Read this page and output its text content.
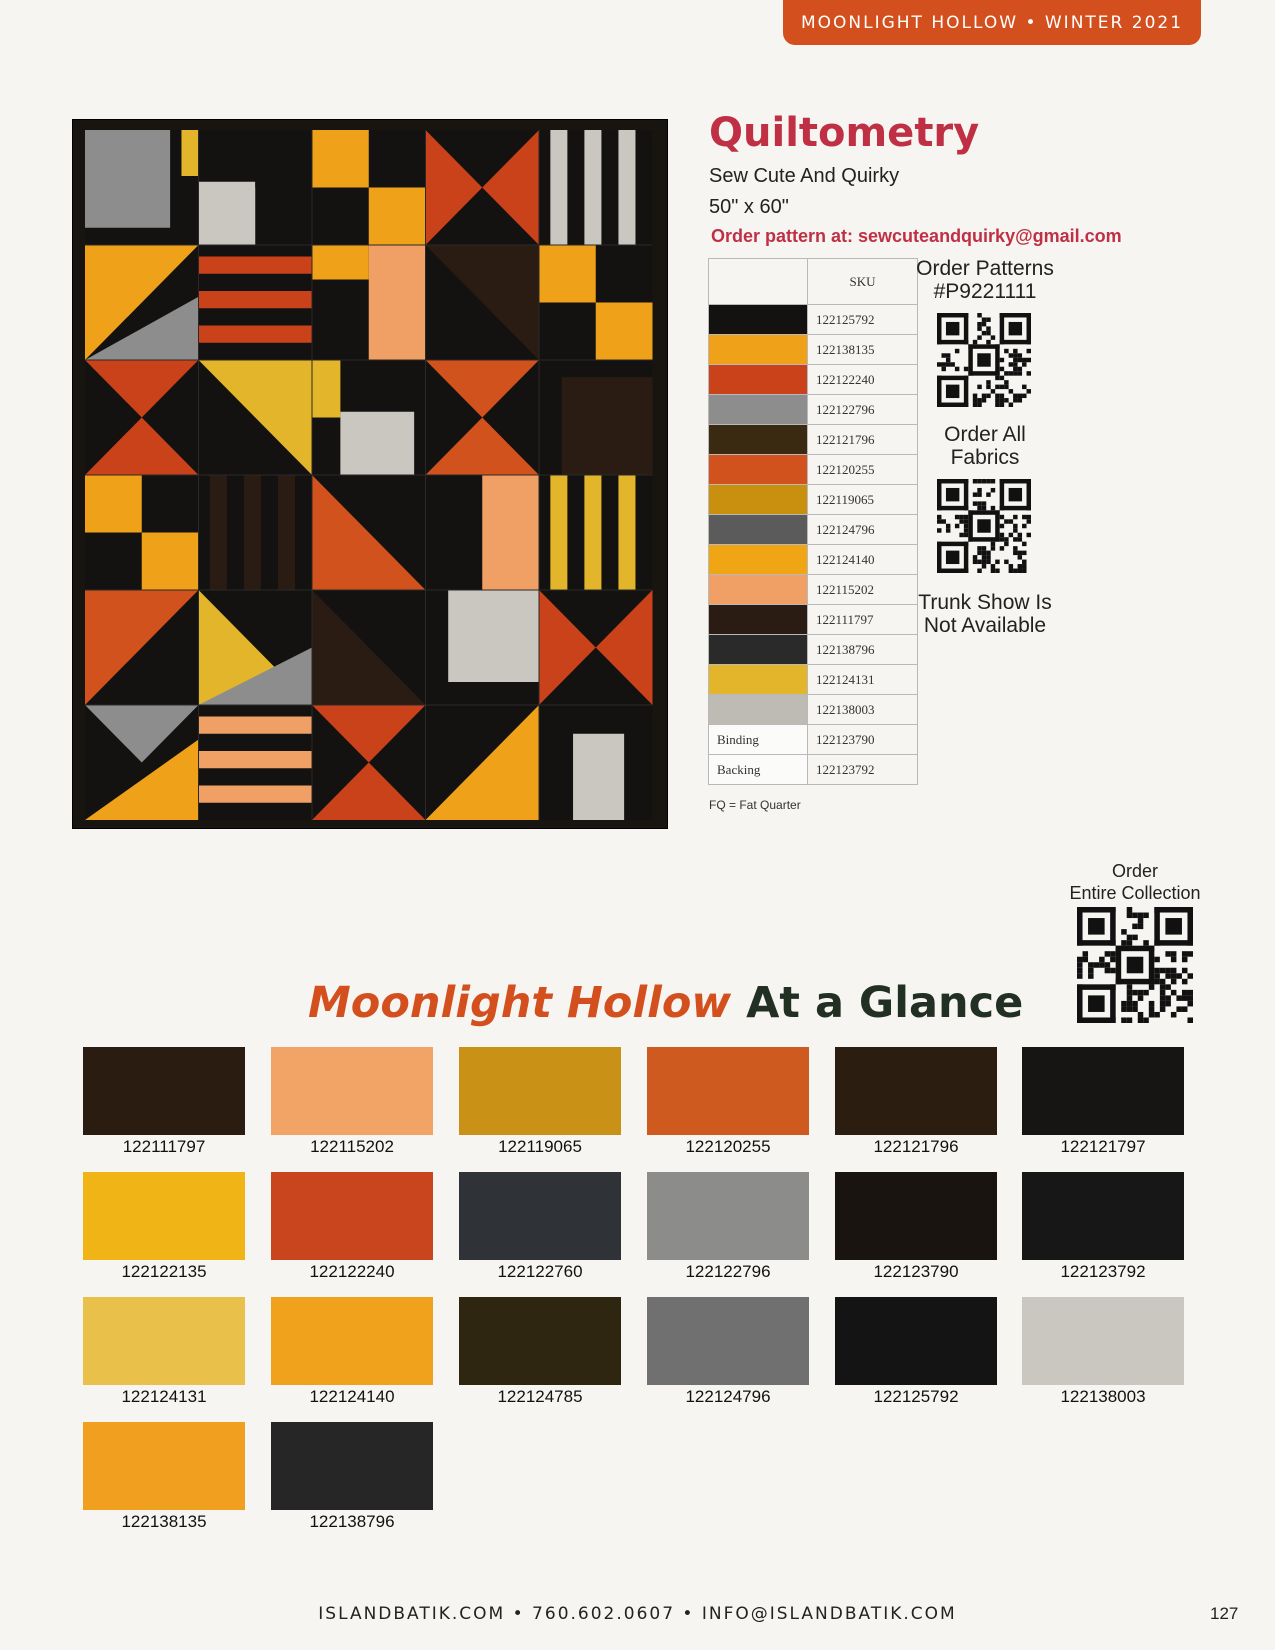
MOONLIGHT HOLLOW • WINTER 2021
Quiltometry
Sew Cute And Quirky
50" x 60"
Order pattern at: sewcuteandquirky@gmail.com
	SKU
	122125792
	122138135
	122122240
	122122796
	122121796
	122120255
	122119065
	122124796
	122124140
	122115202
	122111797
	122138796
	122124131
	122138003
Binding	122123790
Backing	122123792
FQ = Fat Quarter
Order Patterns
#P9221111
Order All
Fabrics
Trunk Show Is
Not Available
Order
Entire Collection
Moonlight Hollow At a Glance
122111797	122115202	122119065	122120255	122121796	122121797
122122135	122122240	122122760	122122796	122123790	122123792
122124131	122124140	122124785	122124796	122125792	122138003
122138135	122138796
ISLANDBATIK.COM • 760.602.0607 • INFO@ISLANDBATIK.COM	127
